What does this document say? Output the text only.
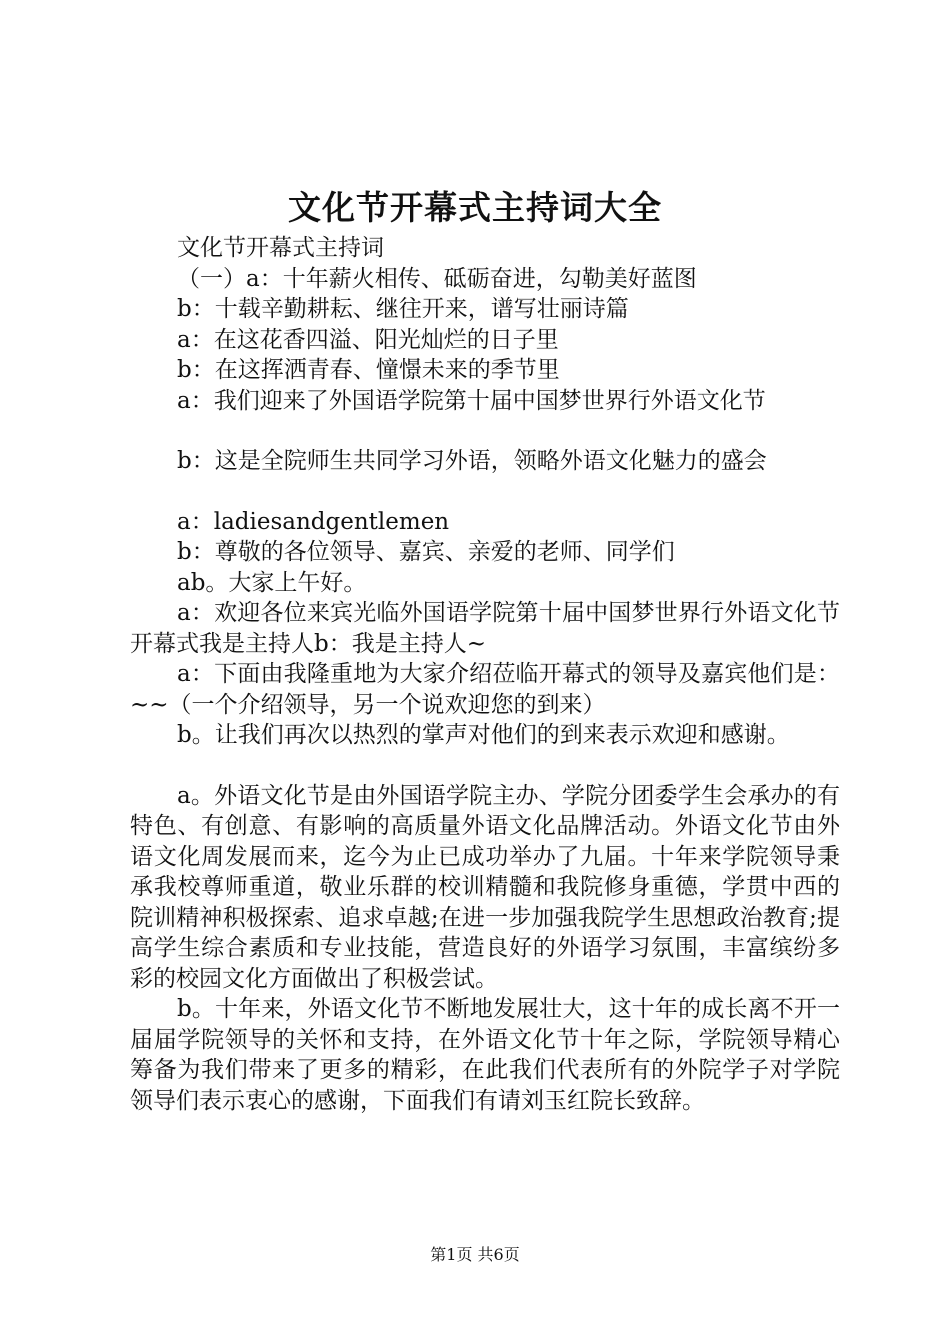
文化节开幕式主持词大全
文化节开幕式主持词
（一）a：十年薪火相传、砥砺奋进，勾勒美好蓝图
b：十载辛勤耕耘、继往开来，谱写壮丽诗篇
a：在这花香四溢、阳光灿烂的日子里
b：在这挥洒青春、憧憬未来的季节里
a：我们迎来了外国语学院第十届中国梦世界行外语文化节
b：这是全院师生共同学习外语，领略外语文化魅力的盛会
a：ladiesandgentlemen
b：尊敬的各位领导、嘉宾、亲爱的老师、同学们
ab。大家上午好。

a：欢迎各位来宾光临外国语学院第十届中国梦世界行外语文化节开幕式我是主持人b：我是主持人~

a：下面由我隆重地为大家介绍莅临开幕式的领导及嘉宾他们是：~~（一个介绍领导，另一个说欢迎您的到来）

b。让我们再次以热烈的掌声对他们的到来表示欢迎和感谢。

a。外语文化节是由外国语学院主办、学院分团委学生会承办的有特色、有创意、有影响的高质量外语文化品牌活动。外语文化节由外语文化周发展而来，迄今为止已成功举办了九届。十年来学院领导秉承我校尊师重道，敬业乐群的校训精髓和我院修身重德，学贯中西的院训精神积极探索、追求卓越;在进一步加强我院学生思想政治教育;提高学生综合素质和专业技能，营造良好的外语学习氛围，丰富缤纷多彩的校园文化方面做出了积极尝试。

b。十年来，外语文化节不断地发展壮大，这十年的成长离不开一届届学院领导的关怀和支持，在外语文化节十年之际，学院领导精心筹备为我们带来了更多的精彩，在此我们代表所有的外院学子对学院领导们表示衷心的感谢，下面我们有请刘玉红院长致辞。

第1页 共6页
